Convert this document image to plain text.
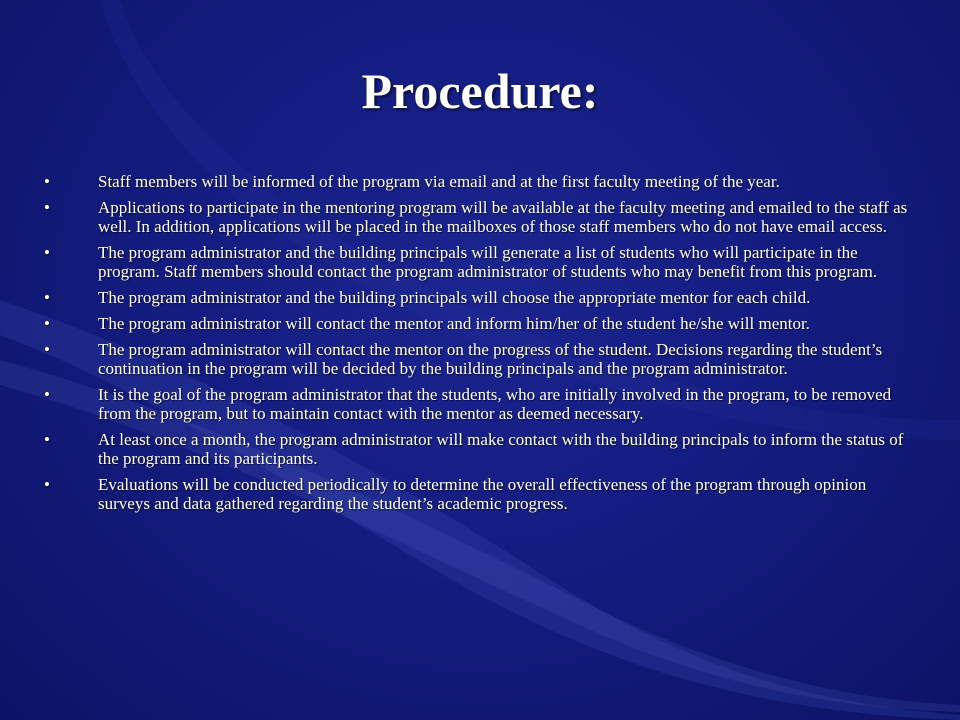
Procedure:
•	Staff members will be informed of the program via email and at the first faculty meeting of the year.
•	Applications to participate in the mentoring program will be available at the faculty meeting and emailed to the staff as well. In addition, applications will be placed in the mailboxes of those staff members who do not have email access.
•	The program administrator and the building principals will generate a list of students who will participate in the program. Staff members should contact the program administrator of students who may benefit from this program.
•	The program administrator and the building principals will choose the appropriate mentor for each child.
•	The program administrator will contact the mentor and inform him/her of the student he/she will mentor.
•	The program administrator will contact the mentor on the progress of the student. Decisions regarding the student’s continuation in the program will be decided by the building principals and the program administrator.
•	It is the goal of the program administrator that the students, who are initially involved in the program, to be removed from the program, but to maintain contact with the mentor as deemed necessary.
•	At least once a month, the program administrator will make contact with the building principals to inform the status of the program and its participants.
•	Evaluations will be conducted periodically to determine the overall effectiveness of the program through opinion surveys and data gathered regarding the student’s academic progress.
